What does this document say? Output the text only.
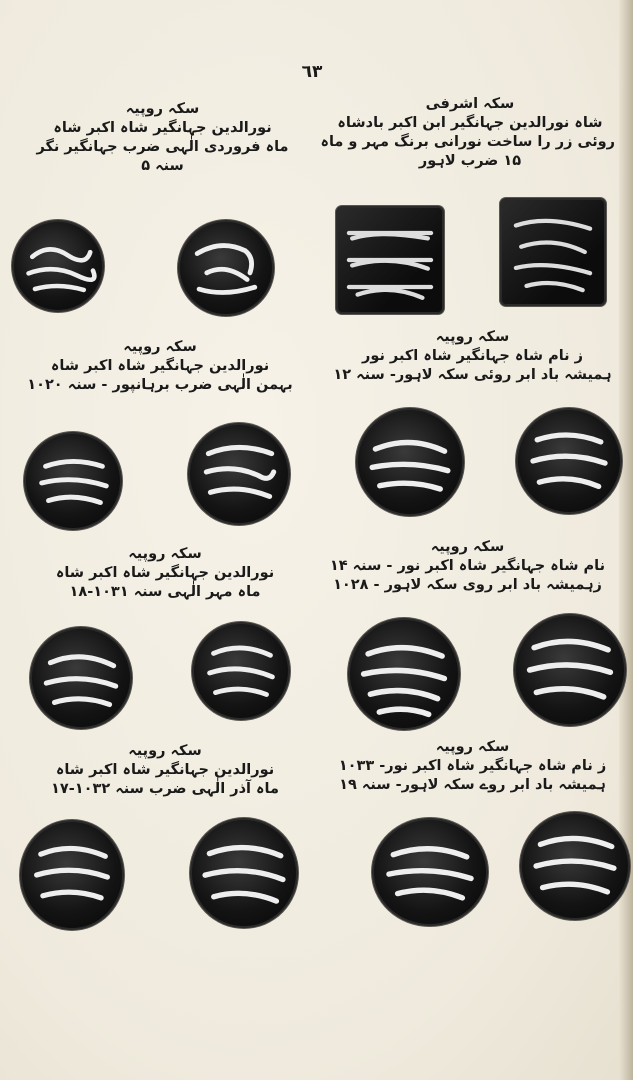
٦٣
سکہ اشرفی
شاہ نورالدین جہانگیر ابن اکبر بادشاہ
روئی زر را ساخت نورانی برنگ مہر و ماہ
۱۵ ضرب لاہور
سکہ روپیہ
نورالدین جہانگیر شاہ اکبر شاہ
ماہ فروردی الٰہی ضرب جہانگیر نگر
سنہ ۵
سکہ روپیہ
ز نام شاہ جہانگیر شاہ اکبر نور
ہمیشہ باد ابر روئی سکہ لاہور- سنہ ۱۲
سکہ روپیہ
نورالدین جہانگیر شاہ اکبر شاہ
بہمن الٰہی ضرب برہانپور - سنہ ۱۰۲۰
سکہ روپیہ
نام شاہ جہانگیر شاہ اکبر نور - سنہ ۱۴
زہمیشہ باد ابر روی سکہ لاہور - ۱۰۲۸
سکہ روپیہ
نورالدین جہانگیر شاہ اکبر شاہ
ماہ مہر الٰہی سنہ ۱۰۳۱-۱۸
سکہ روپیہ
ز نام شاہ جہانگیر شاہ اکبر نور- ۱۰۳۳
ہمیشہ باد ابر روے سکہ لاہور- سنہ ۱۹
سکہ روپیہ
نورالدین جہانگیر شاہ اکبر شاہ
ماہ آذر الٰہی ضرب سنہ ۱۰۳۲-۱۷
